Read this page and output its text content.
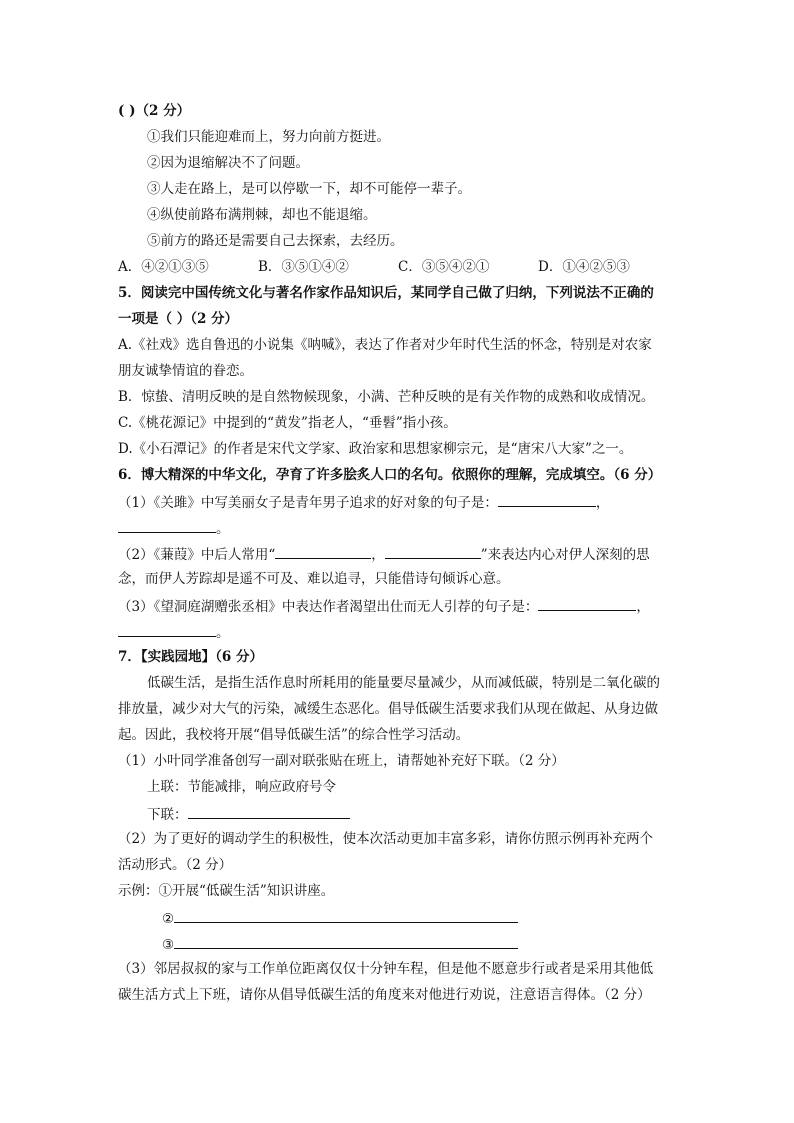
( )（2 分）
①我们只能迎难而上，努力向前方挺进。
②因为退缩解决不了问题。
③人走在路上，是可以停歇一下，却不可能停一辈子。
④纵使前路布满荆棘，却也不能退缩。
⑤前方的路还是需要自己去探索，去经历。
A．④②①③⑤	B．③⑤①④②	C．③⑤④②①	D．①④②⑤③
5．阅读完中国传统文化与著名作家作品知识后，某同学自己做了归纳，下列说法不正确的
一项是（ ）（2 分）
A.《社戏》选自鲁迅的小说集《呐喊》，表达了作者对少年时代生活的怀念，特别是对农家
朋友诚挚情谊的眷恋。
B．惊蛰、清明反映的是自然物候现象，小满、芒种反映的是有关作物的成熟和收成情况。
C.《桃花源记》中提到的“黄发”指老人，“垂髫”指小孩。
D.《小石潭记》的作者是宋代文学家、政治家和思想家柳宗元，是“唐宋八大家”之一。
6．博大精深的中华文化，孕育了许多脍炙人口的名句。依照你的理解，完成填空。（6 分）
（1）《关雎》中写美丽女子是青年男子追求的好对象的句子是：	，
。
（2）《蒹葭》中后人常用“	，	”来表达内心对伊人深刻的思
念，而伊人芳踪却是遥不可及、难以追寻，只能借诗句倾诉心意。
（3）《望洞庭湖赠张丞相》中表达作者渴望出仕而无人引荐的句子是：	，
。
7．【实践园地】（6 分）
低碳生活，是指生活作息时所耗用的能量要尽量减少，从而减低碳，特别是二氧化碳的
排放量，减少对大气的污染，减缓生态恶化。倡导低碳生活要求我们从现在做起、从身边做
起。因此，我校将开展“倡导低碳生活”的综合性学习活动。
（1）小叶同学准备创写一副对联张贴在班上，请帮她补充好下联。（2 分）
上联：节能减排，响应政府号令
下联：
（2）为了更好的调动学生的积极性，使本次活动更加丰富多彩，请你仿照示例再补充两个
活动形式。（2 分）
示例：①开展“低碳生活”知识讲座。
②
③
（3）邻居叔叔的家与工作单位距离仅仅十分钟车程，但是他不愿意步行或者是采用其他低
碳生活方式上下班，请你从倡导低碳生活的角度来对他进行劝说，注意语言得体。（2 分）
